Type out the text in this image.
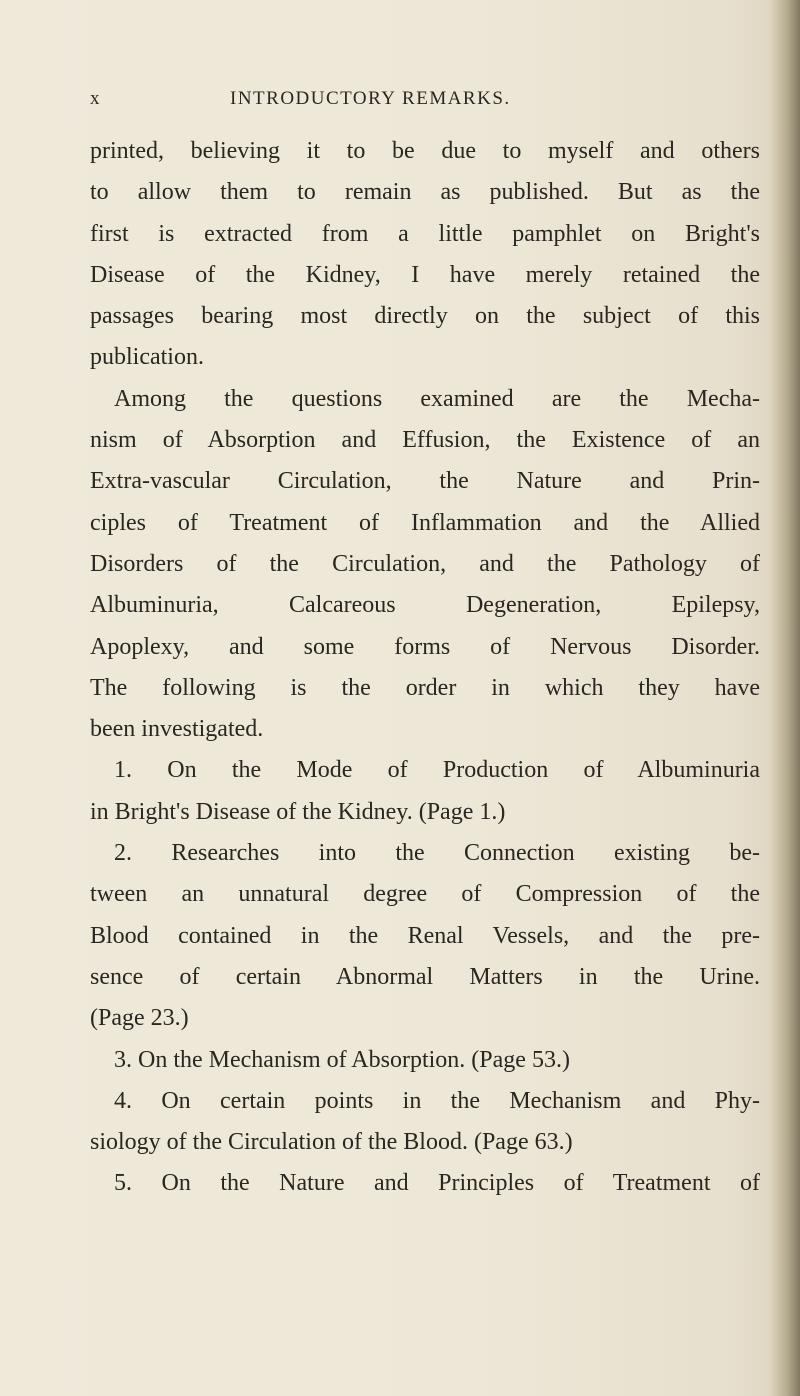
x	INTRODUCTORY REMARKS.
printed, believing it to be due to myself and others
to allow them to remain as published. But as the
first is extracted from a little pamphlet on Bright's
Disease of the Kidney, I have merely retained the
passages bearing most directly on the subject of this
publication.
Among the questions examined are the Mecha-
nism of Absorption and Effusion, the Existence of an
Extra-vascular Circulation, the Nature and Prin-
ciples of Treatment of Inflammation and the Allied
Disorders of the Circulation, and the Pathology of
Albuminuria, Calcareous Degeneration, Epilepsy,
Apoplexy, and some forms of Nervous Disorder.
The following is the order in which they have
been investigated.
1. On the Mode of Production of Albuminuria
in Bright's Disease of the Kidney. (Page 1.)
2. Researches into the Connection existing be-
tween an unnatural degree of Compression of the
Blood contained in the Renal Vessels, and the pre-
sence of certain Abnormal Matters in the Urine.
(Page 23.)
3. On the Mechanism of Absorption. (Page 53.)
4. On certain points in the Mechanism and Phy-
siology of the Circulation of the Blood. (Page 63.)
5. On the Nature and Principles of Treatment of
